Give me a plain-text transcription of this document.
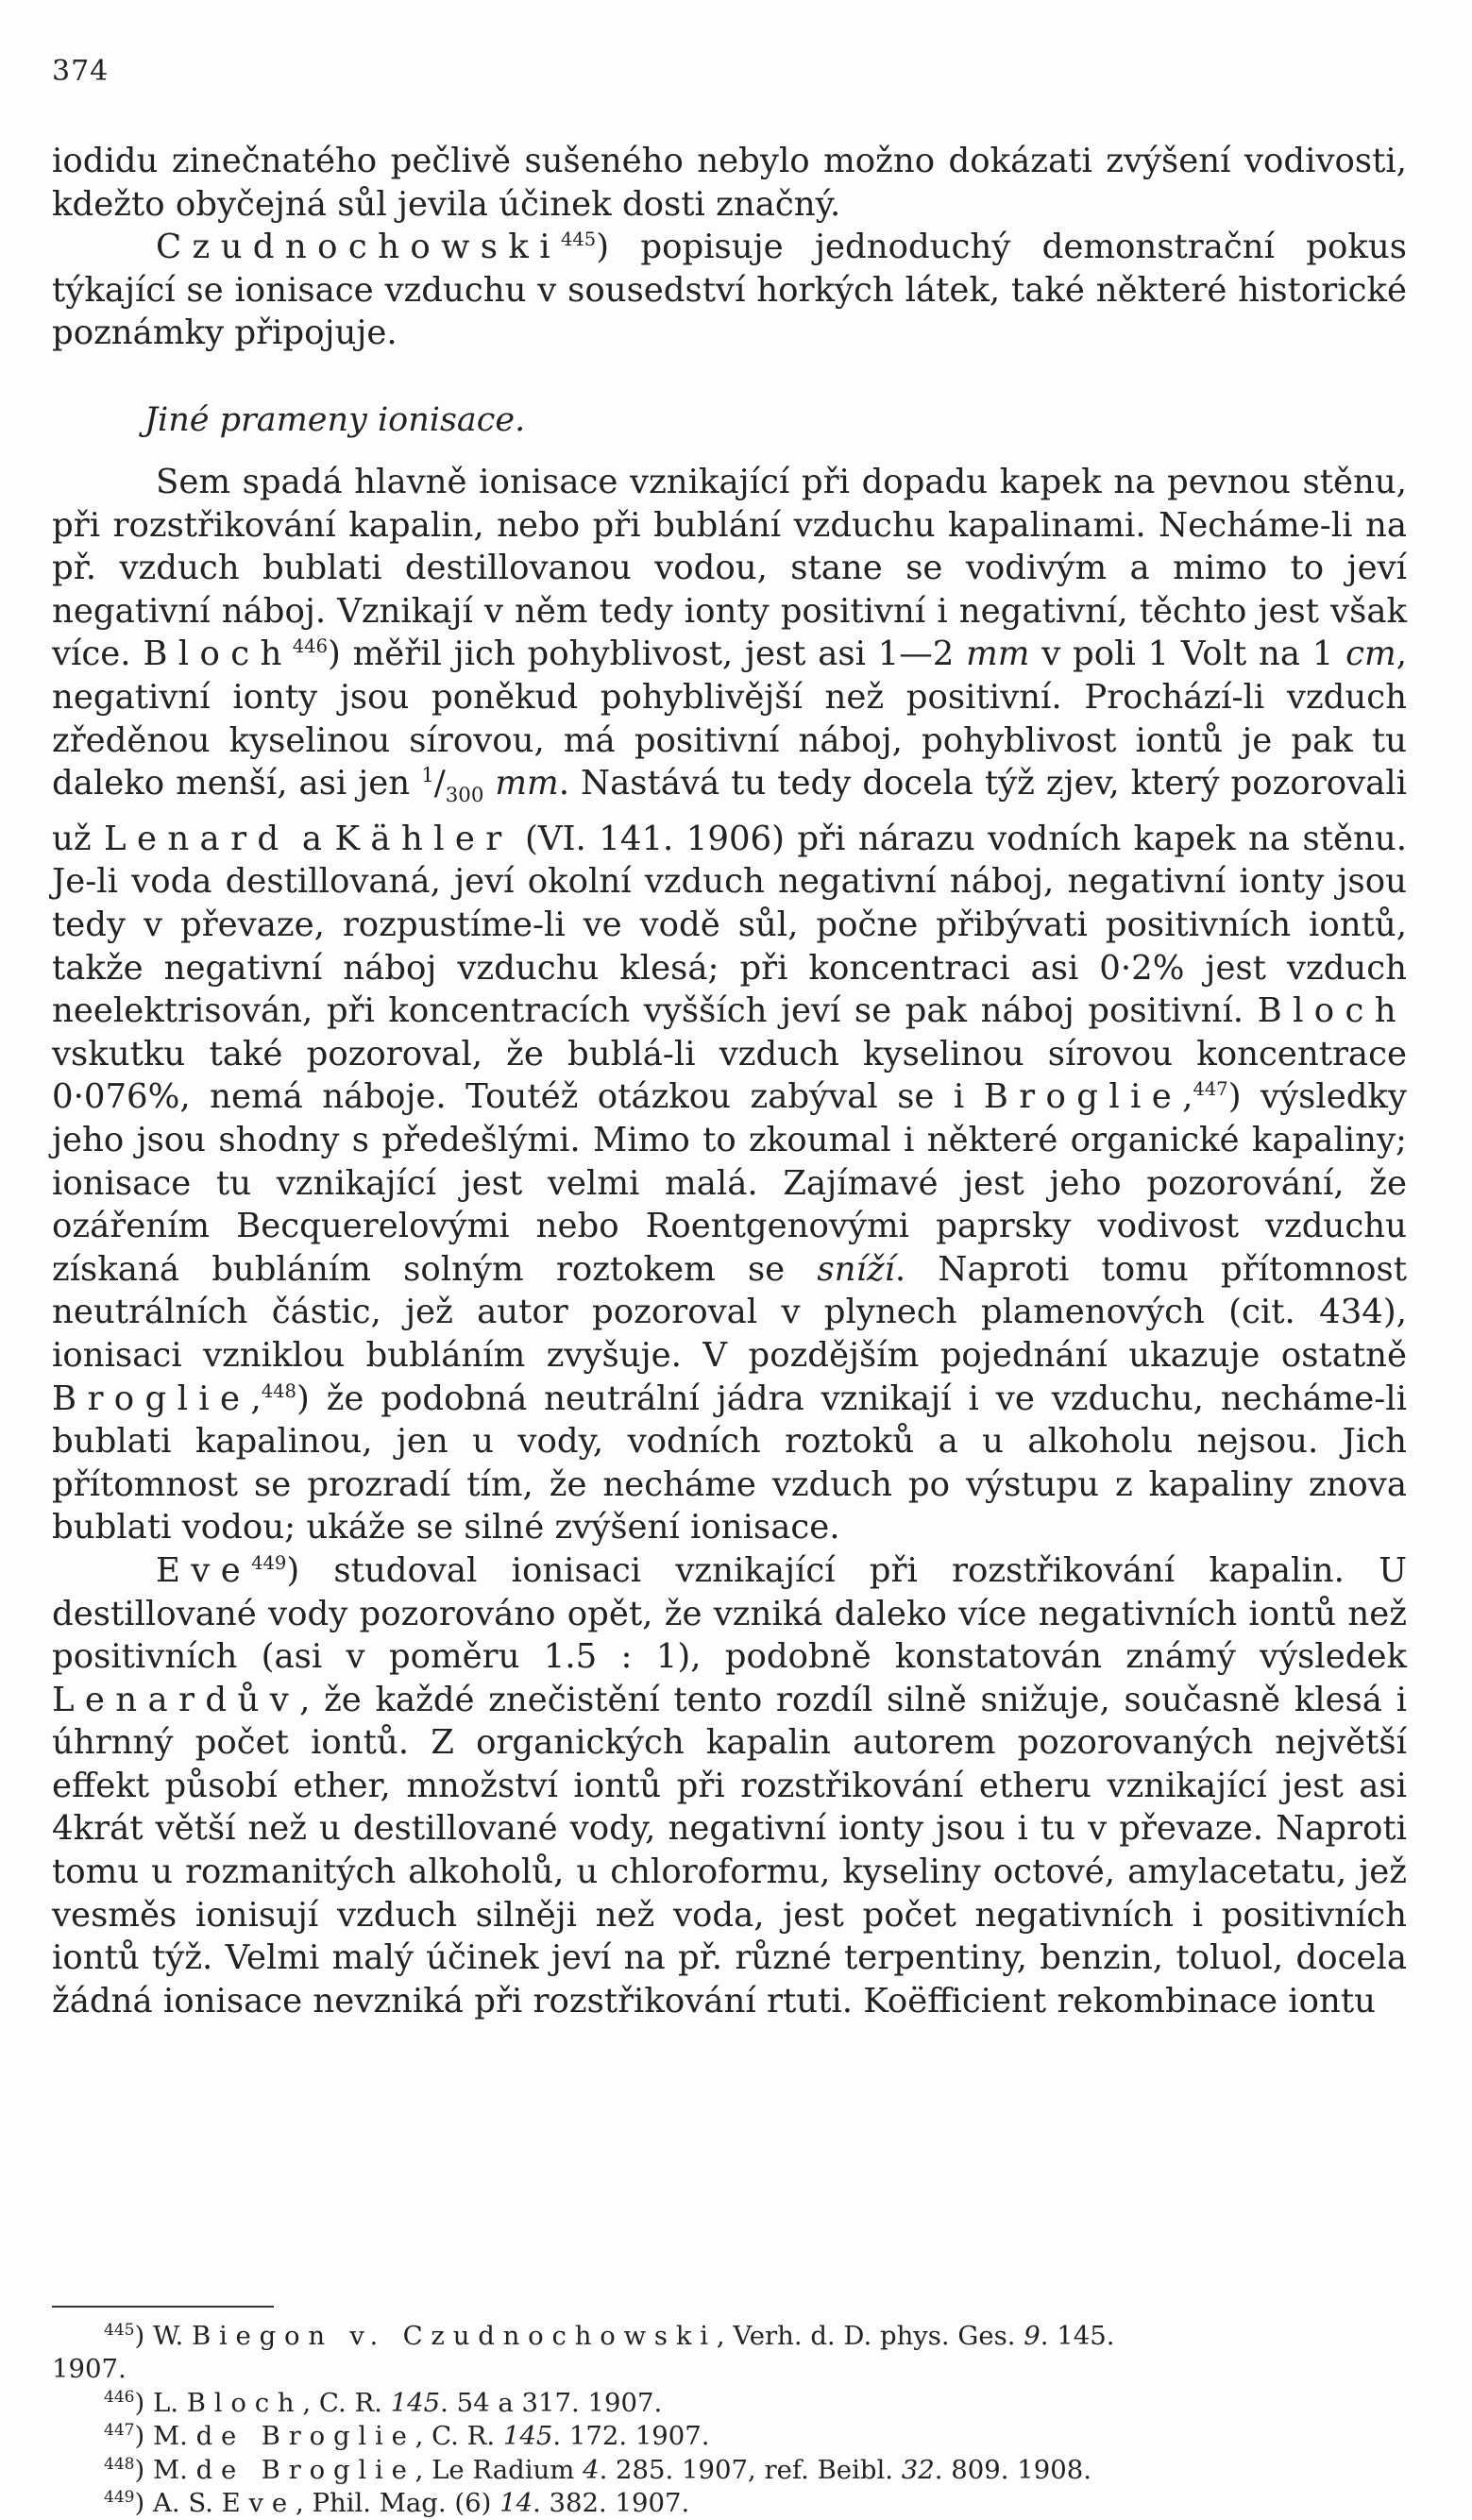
374

iodidu zinečnatého pečlivě sušeného nebylo možno dokázati zvýšení vodivosti, kdežto obyčejná sůl jevila účinek dosti značný.

Czudnochowski$^{445}$) popisuje jednoduchý demonstrační pokus týkající se ionisace vzduchu v sousedství horkých látek, také některé historické poznámky připojuje.

Jiné prameny ionisace.

Sem spadá hlavně ionisace vznikající při dopadu kapek na pevnou stěnu, při rozstřikování kapalin, nebo při bublání vzduchu kapalinami. Necháme-li na př. vzduch bublati destillovanou vodou, stane se vodivým a mimo to jeví negativní náboj. Vznikají v něm tedy ionty positivní i negativní, těchto jest však více. Bloch$^{446}$) měřil jich pohyblivost, jest asi 1—2 mm v poli 1 Volt na 1 cm, negativní ionty jsou poněkud pohyblivější než positivní. Prochází-li vzduch zředěnou kyselinou sírovou, má positivní náboj, pohyblivost iontů je pak tu daleko menší, asi jen $^1/_{300}$ mm. Nastává tu tedy docela týž zjev, který pozorovali už Lenard a Kähler (VI. 141. 1906) při nárazu vodních kapek na stěnu. Je-li voda destillovaná, jeví okolní vzduch negativní náboj, negativní ionty jsou tedy v převaze, rozpustíme-li ve vodě sůl, počne přibývati positivních iontů, takže negativní náboj vzduchu klesá; při koncentraci asi 0·2% jest vzduch neelektrisován, při koncentracích vyšších jeví se pak náboj positivní. Bloch vskutku také pozoroval, že bublá-li vzduch kyselinou sírovou koncentrace 0·076%, nemá náboje. Toutéž otázkou zabýval se i Broglie,$^{447}$) výsledky jeho jsou shodny s předešlými. Mimo to zkoumal i některé organické kapaliny; ionisace tu vznikající jest velmi malá. Zajímavé jest jeho pozorování, že ozářením Becquerelovými nebo Roentgenovými paprsky vodivost vzduchu získaná bubláním solným roztokem se sníží. Naproti tomu přítomnost neutrálních částic, jež autor pozoroval v plynech plamenových (cit. 434), ionisaci vzniklou bubláním zvyšuje. V pozdějším pojednání ukazuje ostatně Broglie,$^{448}$) že podobná neutrální jádra vznikají i ve vzduchu, necháme-li bublati kapalinou, jen u vody, vodních roztoků a u alkoholu nejsou. Jich přítomnost se prozradí tím, že necháme vzduch po výstupu z kapaliny znova bublati vodou; ukáže se silné zvýšení ionisace.

Eve$^{449}$) studoval ionisaci vznikající při rozstřikování kapalin. U destillované vody pozorováno opět, že vzniká daleko více negativních iontů než positivních (asi v poměru 1.5 : 1), podobně konstatován známý výsledek Lenardův, že každé znečistění tento rozdíl silně snižuje, současně klesá i úhrnný počet iontů. Z organických kapalin autorem pozorovaných největší effekt působí ether, množství iontů při rozstřikování etheru vznikající jest asi 4krát větší než u destillované vody, negativní ionty jsou i tu v převaze. Naproti tomu u rozmanitých alkoholů, u chloroformu, kyseliny octové, amylacetatu, jež vesměs ionisují vzduch silněji než voda, jest počet negativních i positivních iontů týž. Velmi malý účinek jeví na př. různé terpentiny, benzin, toluol, docela žádná ionisace nevzniká při rozstřikování rtuti. Koëfficient rekombinace iontu

$^{445}$) W. Biegon v. Czudnochowski, Verh. d. D. phys. Ges. 9. 145.
1907.
$^{446}$) L. Bloch, C. R. 145. 54 a 317. 1907.
$^{447}$) M. de Broglie, C. R. 145. 172. 1907.
$^{448}$) M. de Broglie, Le Radium 4. 285. 1907, ref. Beibl. 32. 809. 1908.
$^{449}$) A. S. Eve, Phil. Mag. (6) 14. 382. 1907.
